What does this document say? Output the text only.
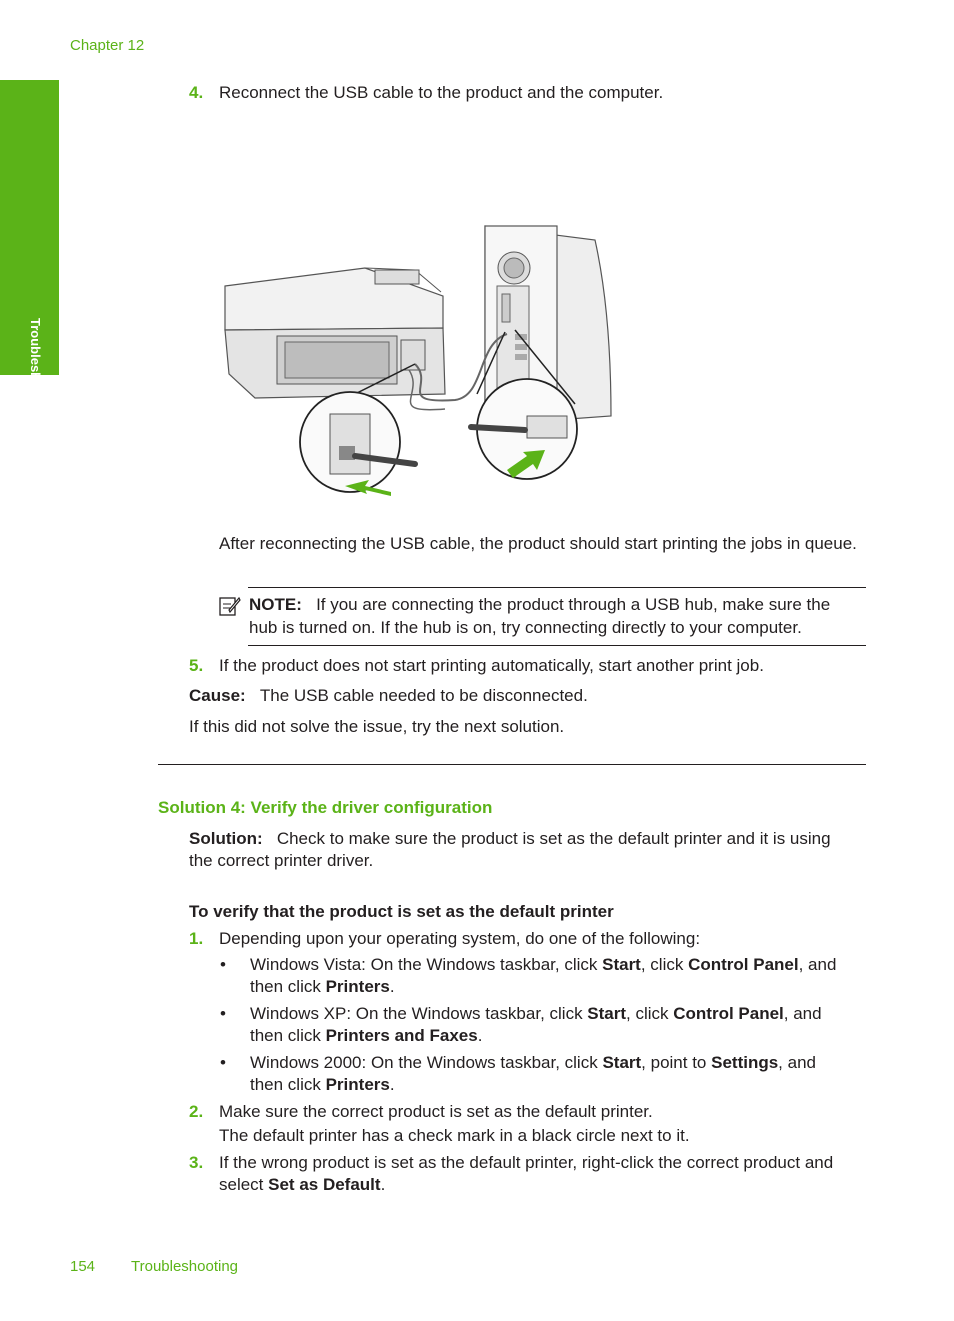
Chapter 12
Troubleshooting
4. Reconnect the USB cable to the product and the computer.
After reconnecting the USB cable, the product should start printing the jobs in queue.
NOTE: If you are connecting the product through a USB hub, make sure the
hub is turned on. If the hub is on, try connecting directly to your computer.
5. If the product does not start printing automatically, start another print job.
Cause: The USB cable needed to be disconnected.
If this did not solve the issue, try the next solution.
Solution 4: Verify the driver configuration
Solution: Check to make sure the product is set as the default printer and it is using
the correct printer driver.
To verify that the product is set as the default printer
1. Depending upon your operating system, do one of the following:
• Windows Vista: On the Windows taskbar, click Start, click Control Panel, and
then click Printers.
• Windows XP: On the Windows taskbar, click Start, click Control Panel, and
then click Printers and Faxes.
• Windows 2000: On the Windows taskbar, click Start, point to Settings, and
then click Printers.
2. Make sure the correct product is set as the default printer.
The default printer has a check mark in a black circle next to it.
3. If the wrong product is set as the default printer, right-click the correct product and
select Set as Default.
154 Troubleshooting
